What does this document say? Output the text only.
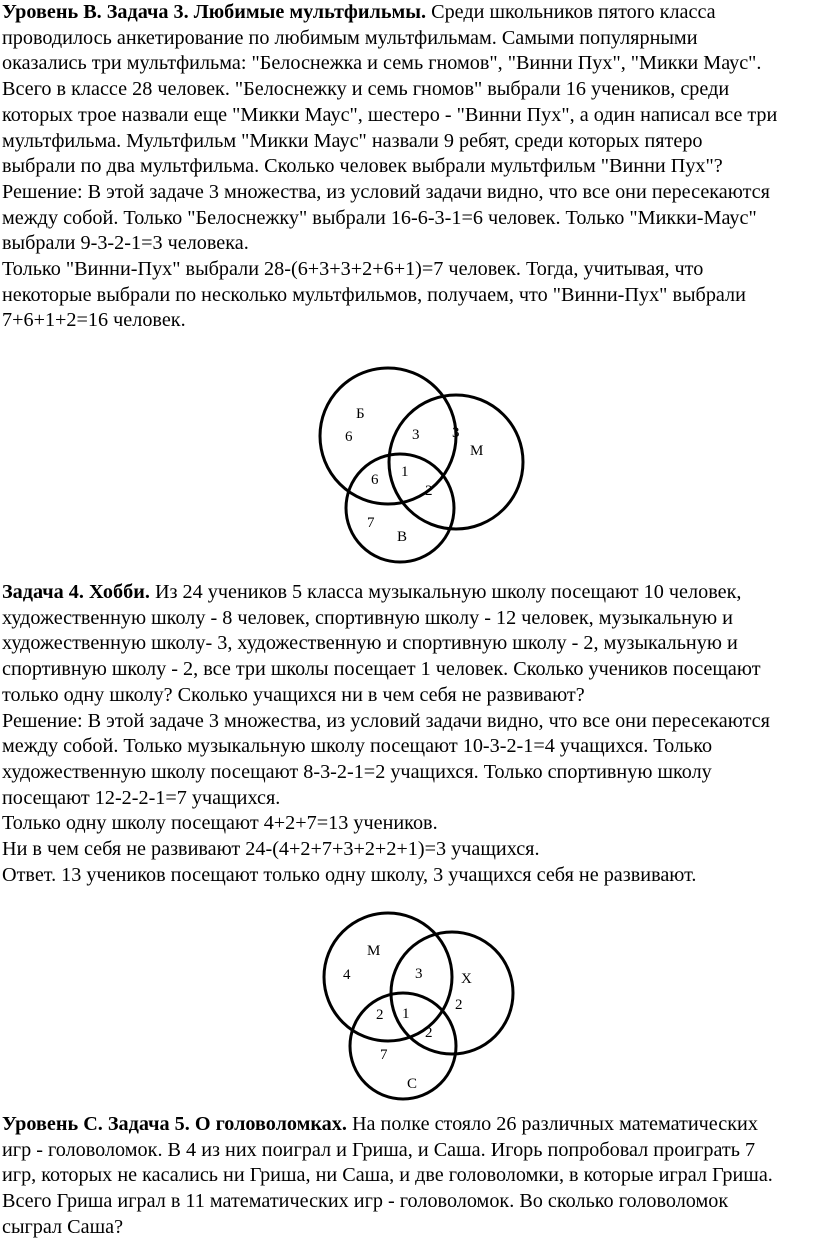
Уровень В. Задача 3. Любимые мультфильмы. Среди школьников пятого класса
проводилось анкетирование по любимым мультфильмам. Самыми популярными
оказались три мультфильма: "Белоснежка и семь гномов", "Винни Пух", "Микки Маус".
Всего в классе 28 человек. "Белоснежку и семь гномов" выбрали 16 учеников, среди
которых трое назвали еще "Микки Маус", шестеро - "Винни Пух", а один написал все три
мультфильма. Мультфильм "Микки Маус" назвали 9 ребят, среди которых пятеро
выбрали по два мультфильма. Сколько человек выбрали мультфильм "Винни Пух"?
Решение: В этой задаче 3 множества, из условий задачи видно, что все они пересекаются
между собой. Только "Белоснежку" выбрали 16-6-3-1=6 человек. Только "Микки-Маус"
выбрали 9-3-2-1=3 человека.
Только "Винни-Пух" выбрали 28-(6+3+3+2+6+1)=7 человек. Тогда, учитывая, что
некоторые выбрали по несколько мультфильмов, получаем, что "Винни-Пух" выбрали
7+6+1+2=16 человек.
Б
М
В
6	3 3
6 1
2
7
Задача 4. Хобби. Из 24 учеников 5 класса музыкальную школу посещают 10 человек,
художественную школу - 8 человек, спортивную школу - 12 человек, музыкальную и
художественную школу- 3, художественную и спортивную школу - 2, музыкальную и
спортивную школу - 2, все три школы посещает 1 человек. Сколько учеников посещают
только одну школу? Сколько учащихся ни в чем себя не развивают?
Решение: В этой задаче 3 множества, из условий задачи видно, что все они пересекаются
между собой. Только музыкальную школу посещают 10-3-2-1=4 учащихся. Только
художественную школу посещают 8-3-2-1=2 учащихся. Только спортивную школу
посещают 12-2-2-1=7 учащихся.
Только одну школу посещают 4+2+7=13 учеников.
Ни в чем себя не развивают 24-(4+2+7+3+2+2+1)=3 учащихся.
Ответ. 13 учеников посещают только одну школу, 3 учащихся себя не развивают.
М
Х
С
4	3
2
2 1
2
7
Уровень С. Задача 5. О головоломках. На полке стояло 26 различных математических
игр - головоломок. В 4 из них поиграл и Гриша, и Саша. Игорь попробовал проиграть 7
игр, которых не касались ни Гриша, ни Саша, и две головоломки, в которые играл Гриша.
Всего Гриша играл в 11 математических игр - головоломок. Во сколько головоломок
сыграл Саша?
